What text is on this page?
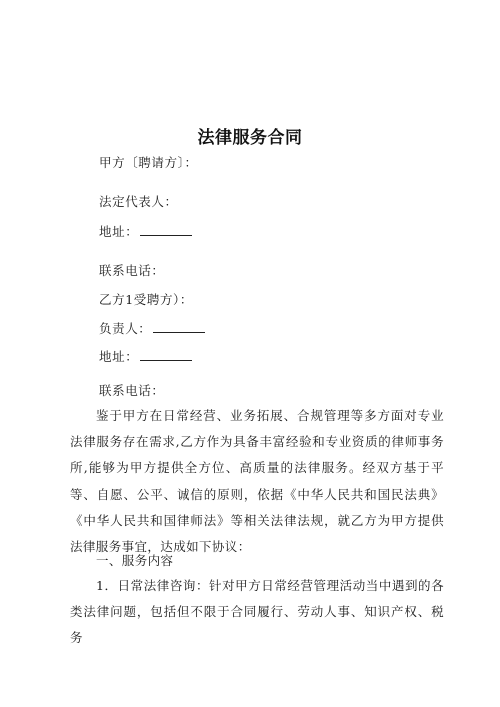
法律服务合同
甲方〔聘请方〕：
法定代表人：
地址：
联系电话：
乙方1受聘方）：
负责人：
地址：
联系电话：
鉴于甲方在日常经营、业务拓展、合规管理等多方面对专业法律服务存在需求,乙方作为具备丰富经验和专业资质的律师事务所,能够为甲方提供全方位、高质量的法律服务。经双方基于平等、自愿、公平、诚信的原则，依据《中华人民共和国民法典》《中华人民共和国律师法》等相关法律法规，就乙方为甲方提供法律服务事宜，达成如下协议：
一、服务内容
1．日常法律咨询：针对甲方日常经营管理活动当中遇到的各类法律问题，包括但不限于合同履行、劳动人事、知识产权、税务
